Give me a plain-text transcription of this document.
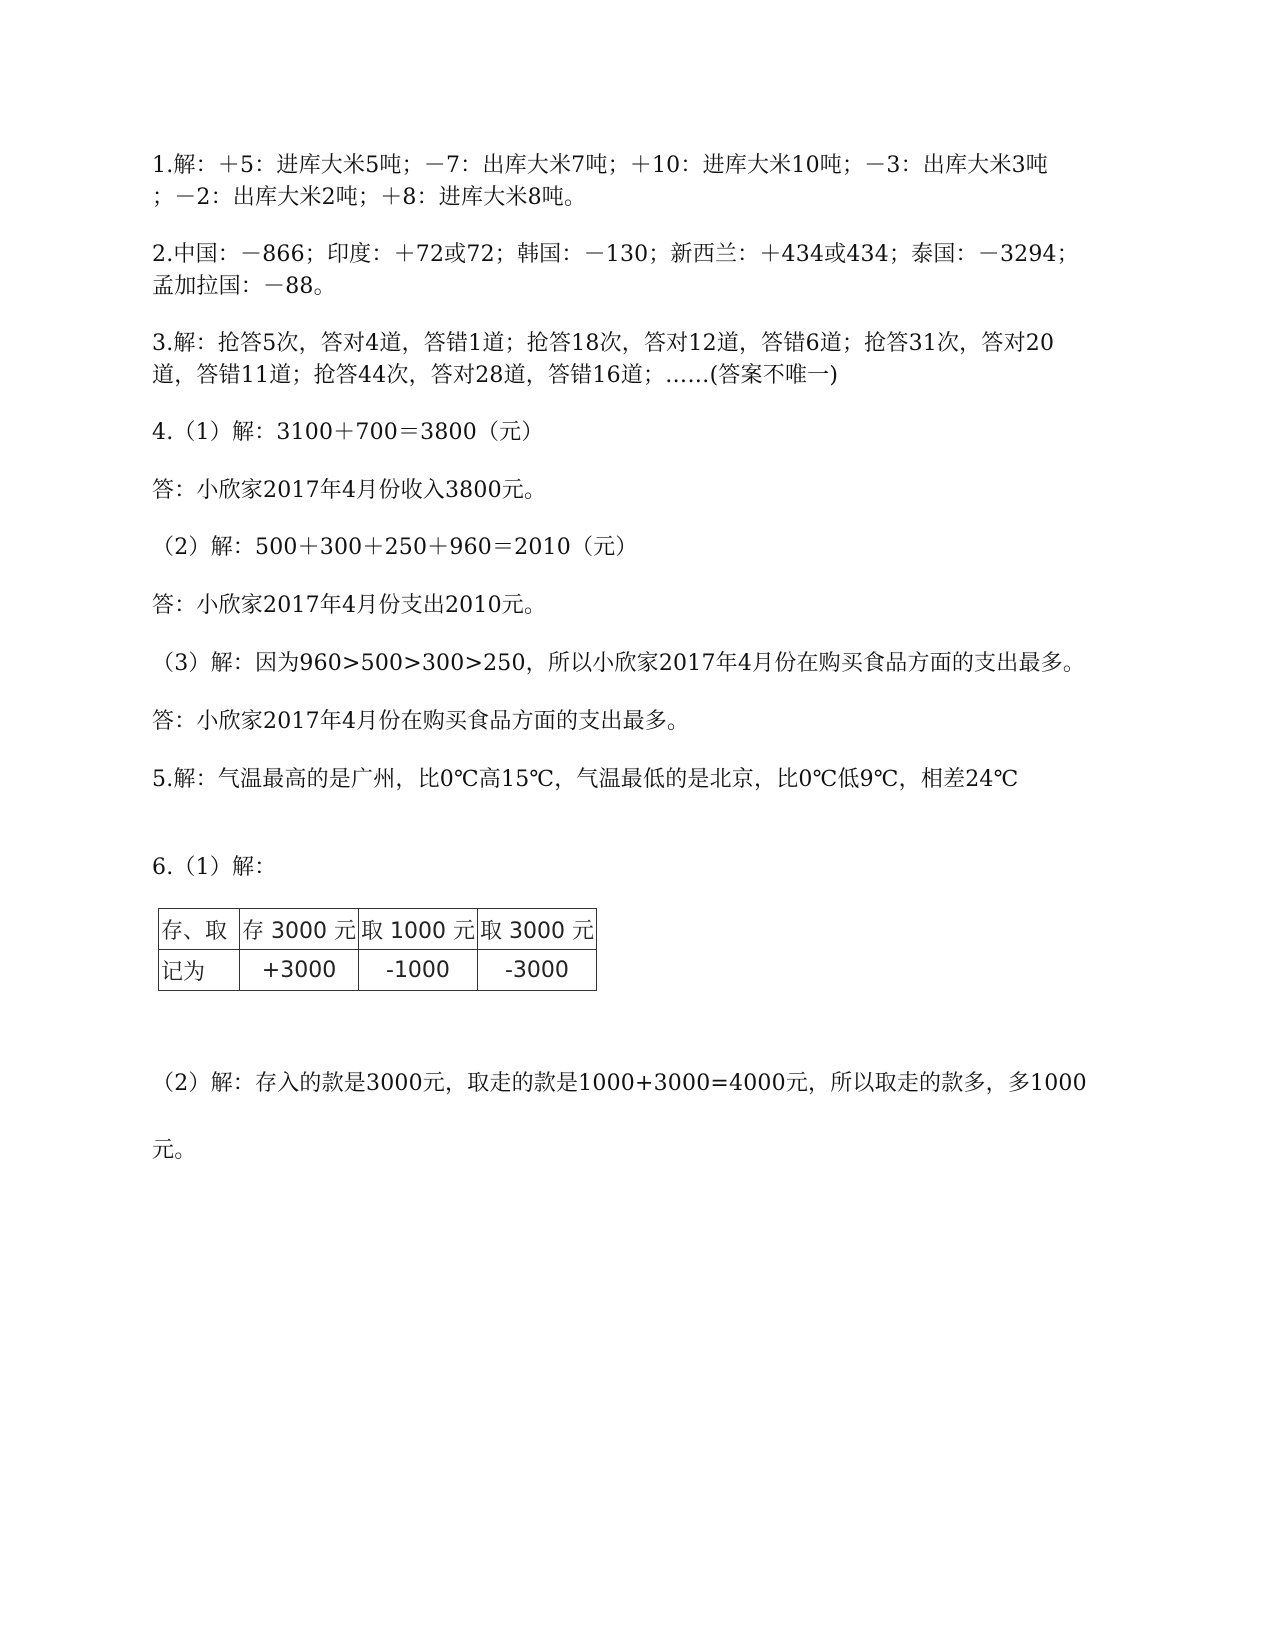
1.解：＋5：进库大米5吨；－7：出库大米7吨；＋10：进库大米10吨；－3：出库大米3吨
；－2：出库大米2吨；＋8：进库大米8吨。
2.中国：－866；印度：＋72或72；韩国：－130；新西兰：＋434或434；泰国：－3294；
孟加拉国：－88。
3.解：抢答5次，答对4道，答错1道；抢答18次，答对12道，答错6道；抢答31次，答对20
道，答错11道；抢答44次，答对28道，答错16道；……(答案不唯一)
4.（1）解：3100＋700＝3800（元）
答：小欣家2017年4月份收入3800元。
（2）解：500＋300＋250＋960＝2010（元）
答：小欣家2017年4月份支出2010元。
（3）解：因为960>500>300>250，所以小欣家2017年4月份在购买食品方面的支出最多。
答：小欣家2017年4月份在购买食品方面的支出最多。
5.解：气温最高的是广州，比0℃高15℃，气温最低的是北京，比0℃低9℃，相差24℃
6.（1）解：
存、取	存 3000 元	取 1000 元	取 3000 元
记为	+3000	-1000	-3000
（2）解：存入的款是3000元，取走的款是1000+3000=4000元，所以取走的款多，多1000
元。
